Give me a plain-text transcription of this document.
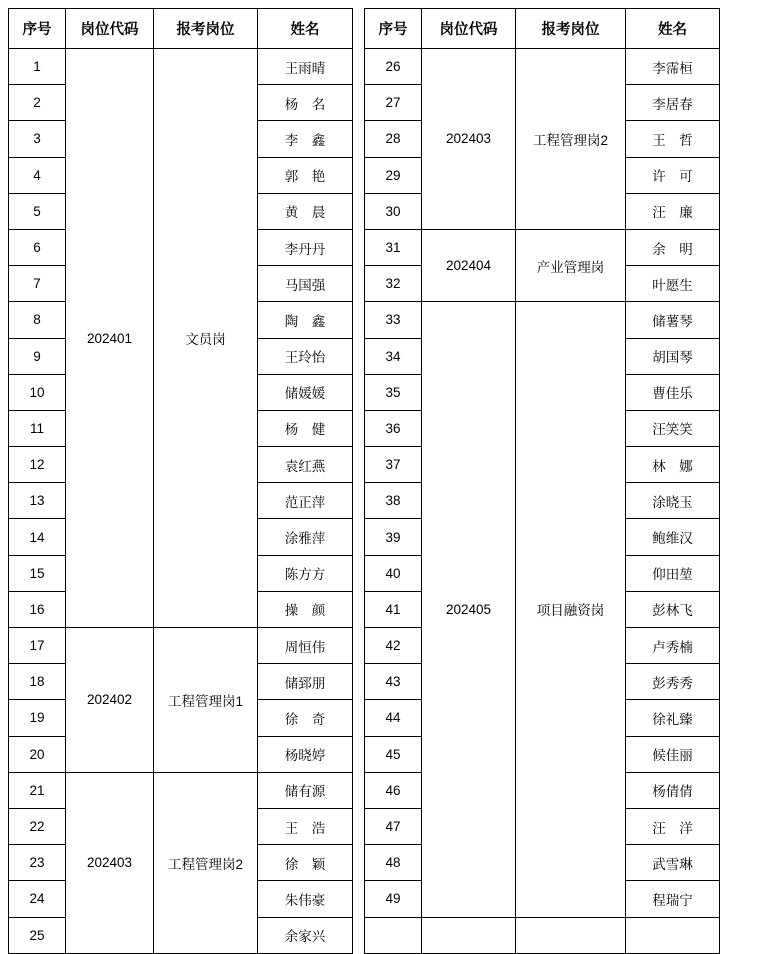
序号	岗位代码	报考岗位	姓名
1	202401	文员岗	王雨晴
2			杨　名
3			李　鑫
4			郭　艳
5			黄　晨
6			李丹丹
7			马国强
8			陶　鑫
9			王玲怡
10			储媛媛
11			杨　健
12			袁红燕
13			范正萍
14			涂雅萍
15			陈方方
16			操　颜
17	202402	工程管理岗1	周恒伟
18			储郅朋
19			徐　奇
20			杨晓婷
21	202403	工程管理岗2	储有源
22			王　浩
23			徐　颖
24			朱伟豪
25			余家兴
序号	岗位代码	报考岗位	姓名
26	202403	工程管理岗2	李霈桓
27			李居春
28			王　哲
29			许　可
30			汪　廉
31	202404	产业管理岗	余　明
32			叶愿生
33	202405	项目融资岗	储薯琴
34			胡国琴
35			曹佳乐
36			汪笑笑
37			林　娜
38			涂晓玉
39			鲍维汉
40			仰田堃
41			彭林飞
42			卢秀楠
43			彭秀秀
44			徐礼臻
45			候佳丽
46			杨倩倩
47			汪　洋
48			武雪琳
49			程瑞宁
